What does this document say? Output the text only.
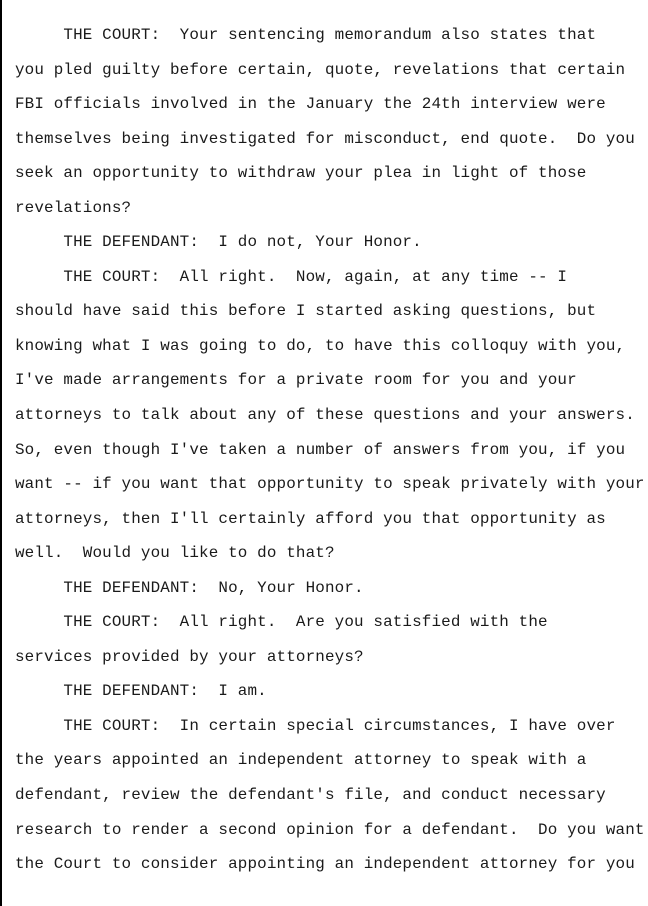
THE COURT:  Your sentencing memorandum also states that
you pled guilty before certain, quote, revelations that certain
FBI officials involved in the January the 24th interview were
themselves being investigated for misconduct, end quote.  Do you
seek an opportunity to withdraw your plea in light of those
revelations?
THE DEFENDANT:  I do not, Your Honor.
THE COURT:  All right.  Now, again, at any time -- I
should have said this before I started asking questions, but
knowing what I was going to do, to have this colloquy with you,
I've made arrangements for a private room for you and your
attorneys to talk about any of these questions and your answers.
So, even though I've taken a number of answers from you, if you
want -- if you want that opportunity to speak privately with your
attorneys, then I'll certainly afford you that opportunity as
well.  Would you like to do that?
THE DEFENDANT:  No, Your Honor.
THE COURT:  All right.  Are you satisfied with the
services provided by your attorneys?
THE DEFENDANT:  I am.
THE COURT:  In certain special circumstances, I have over
the years appointed an independent attorney to speak with a
defendant, review the defendant's file, and conduct necessary
research to render a second opinion for a defendant.  Do you want
the Court to consider appointing an independent attorney for you
